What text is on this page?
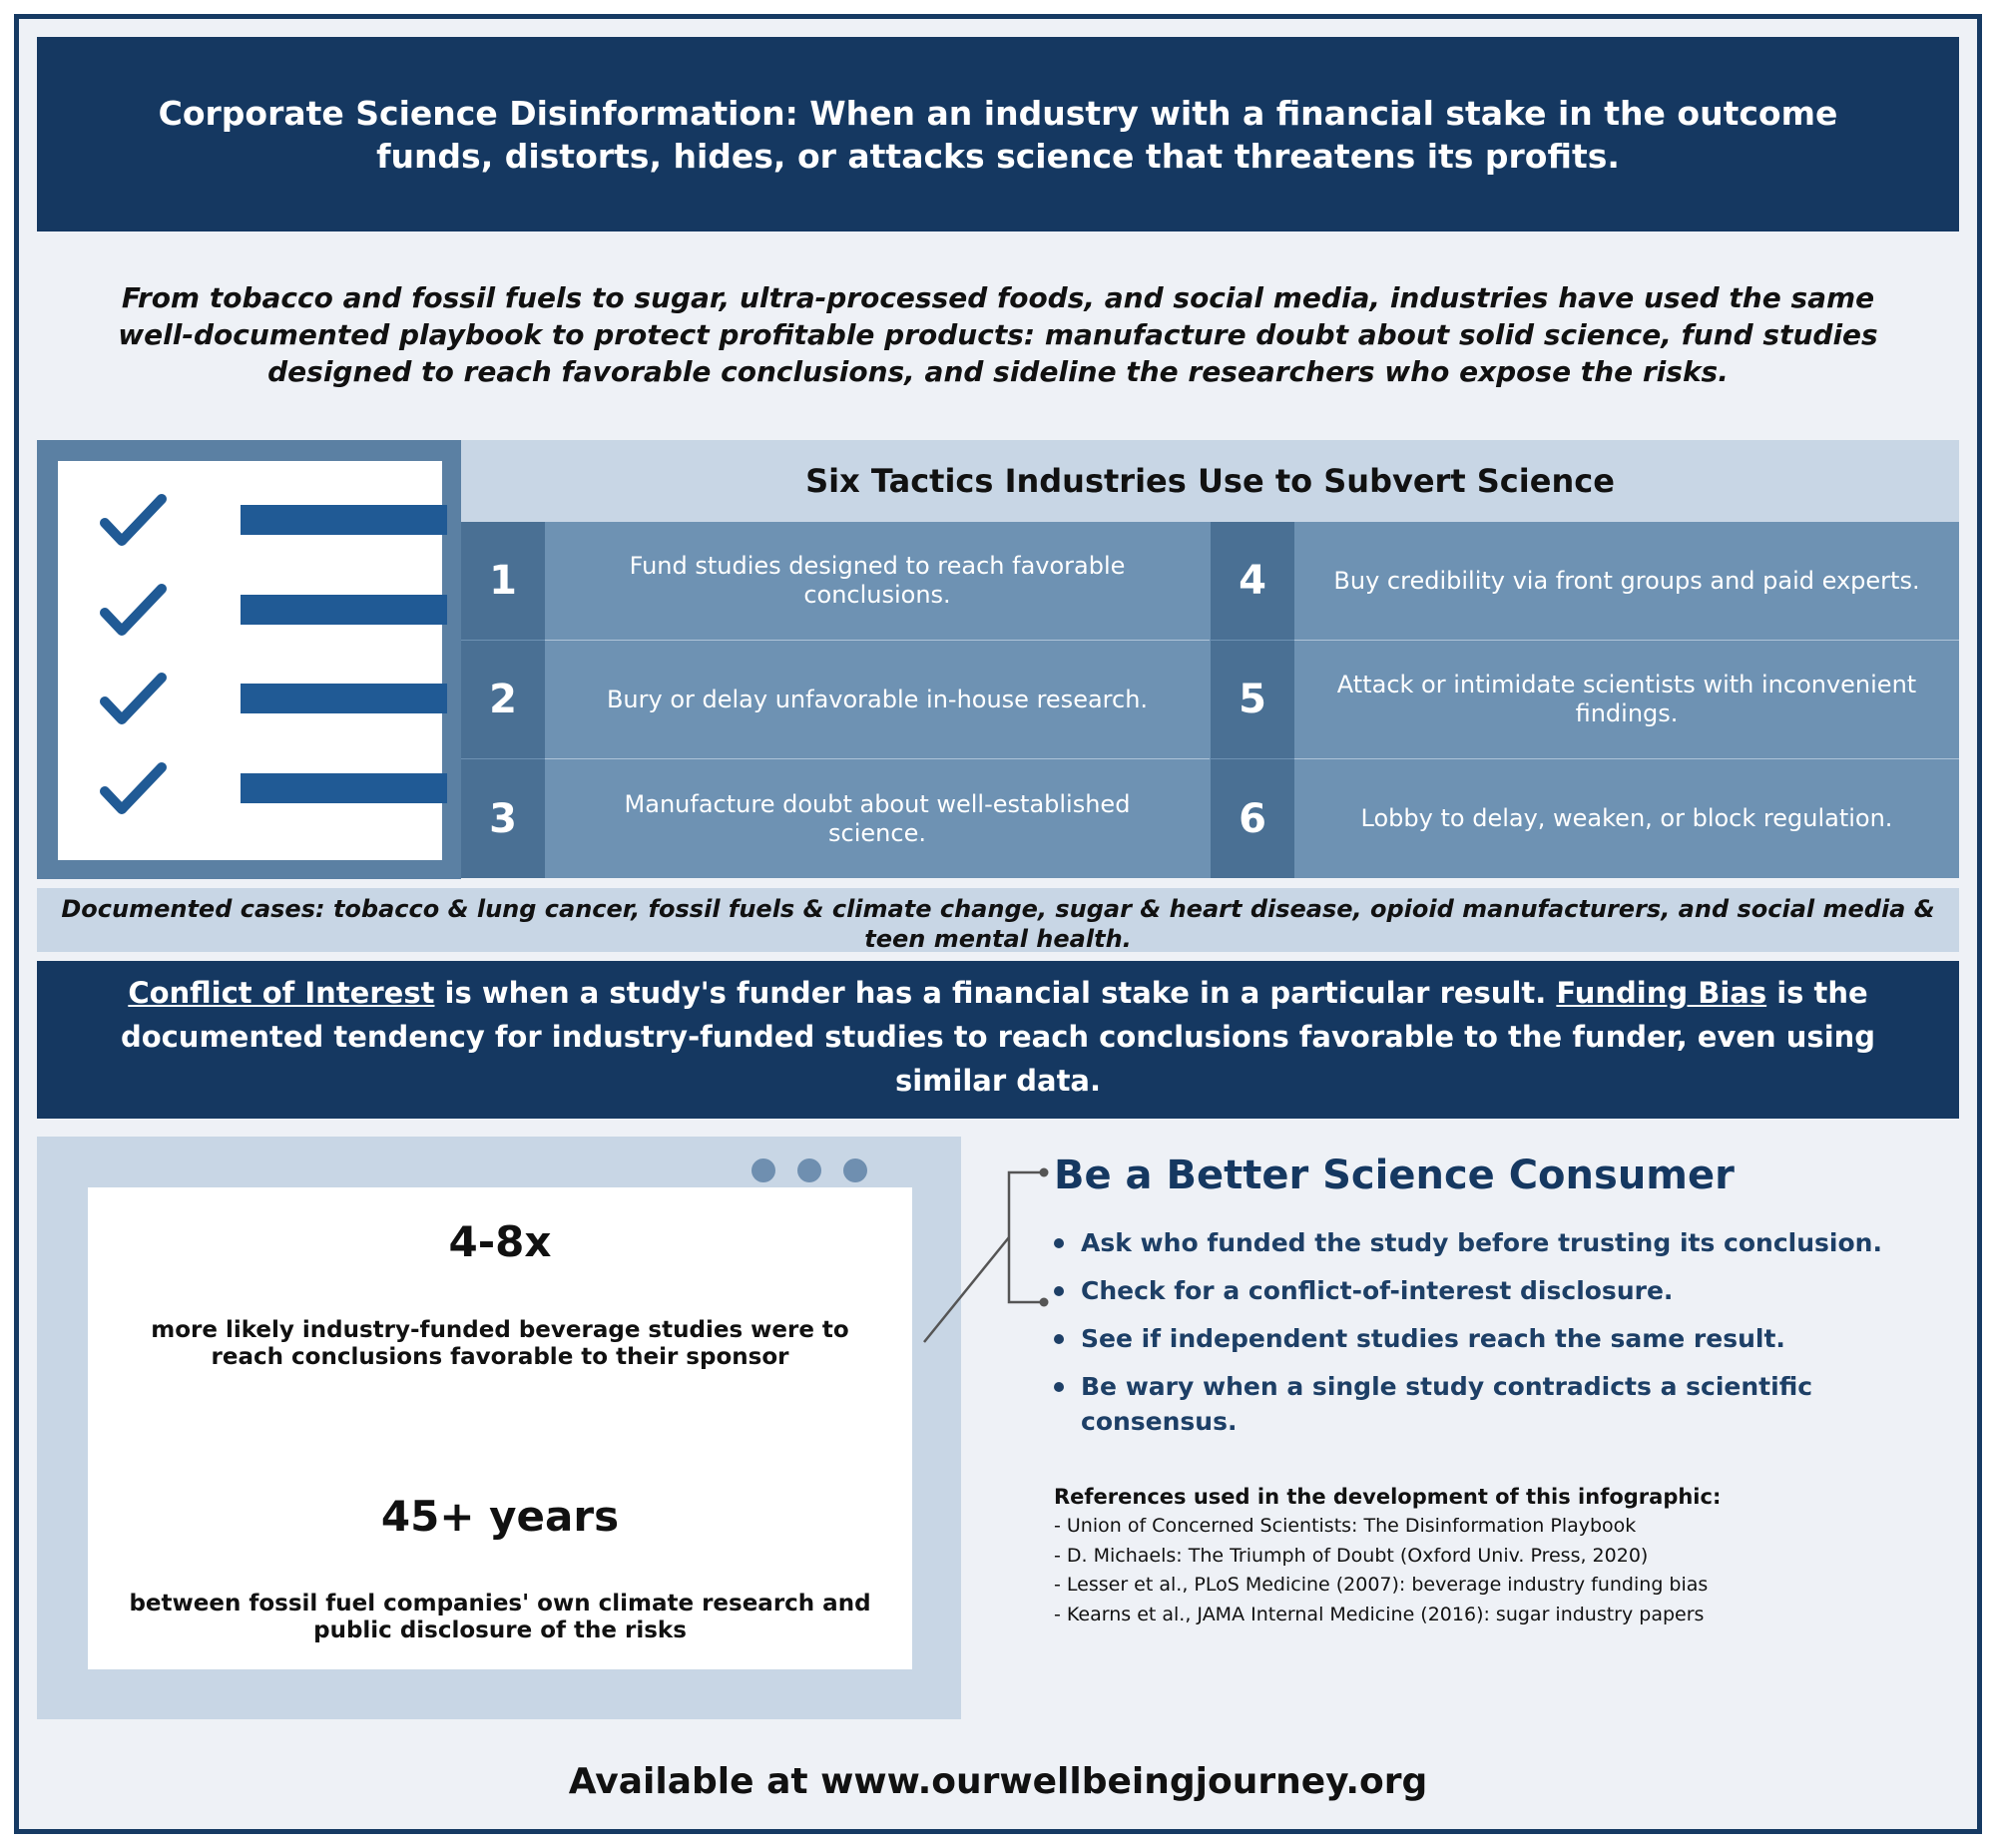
Corporate Science Disinformation: When an industry with a financial stake in the outcome funds, distorts, hides, or attacks science that threatens its profits.
From tobacco and fossil fuels to sugar, ultra-processed foods, and social media, industries have used the same well-documented playbook to protect profitable products: manufacture doubt about solid science, fund studies designed to reach favorable conclusions, and sideline the researchers who expose the risks.
Six Tactics Industries Use to Subvert Science
1	Fund studies designed to reach favorable conclusions.
2	Bury or delay unfavorable in-house research.
3	Manufacture doubt about well-established science.
4	Buy credibility via front groups and paid experts.
5	Attack or intimidate scientists with inconvenient findings.
6	Lobby to delay, weaken, or block regulation.
Documented cases: tobacco & lung cancer, fossil fuels & climate change, sugar & heart disease, opioid manufacturers, and social media & teen mental health.
Conflict of Interest is when a study's funder has a financial stake in a particular result. Funding Bias is the documented tendency for industry-funded studies to reach conclusions favorable to the funder, even using similar data.
4-8x
more likely industry-funded beverage studies were to reach conclusions favorable to their sponsor
45+ years
between fossil fuel companies' own climate research and public disclosure of the risks
Be a Better Science Consumer
Ask who funded the study before trusting its conclusion.
Check for a conflict-of-interest disclosure.
See if independent studies reach the same result.
Be wary when a single study contradicts a scientific consensus.
References used in the development of this infographic:
- Union of Concerned Scientists: The Disinformation Playbook
- D. Michaels: The Triumph of Doubt (Oxford Univ. Press, 2020)
- Lesser et al., PLoS Medicine (2007): beverage industry funding bias
- Kearns et al., JAMA Internal Medicine (2016): sugar industry papers
Available at www.ourwellbeingjourney.org
